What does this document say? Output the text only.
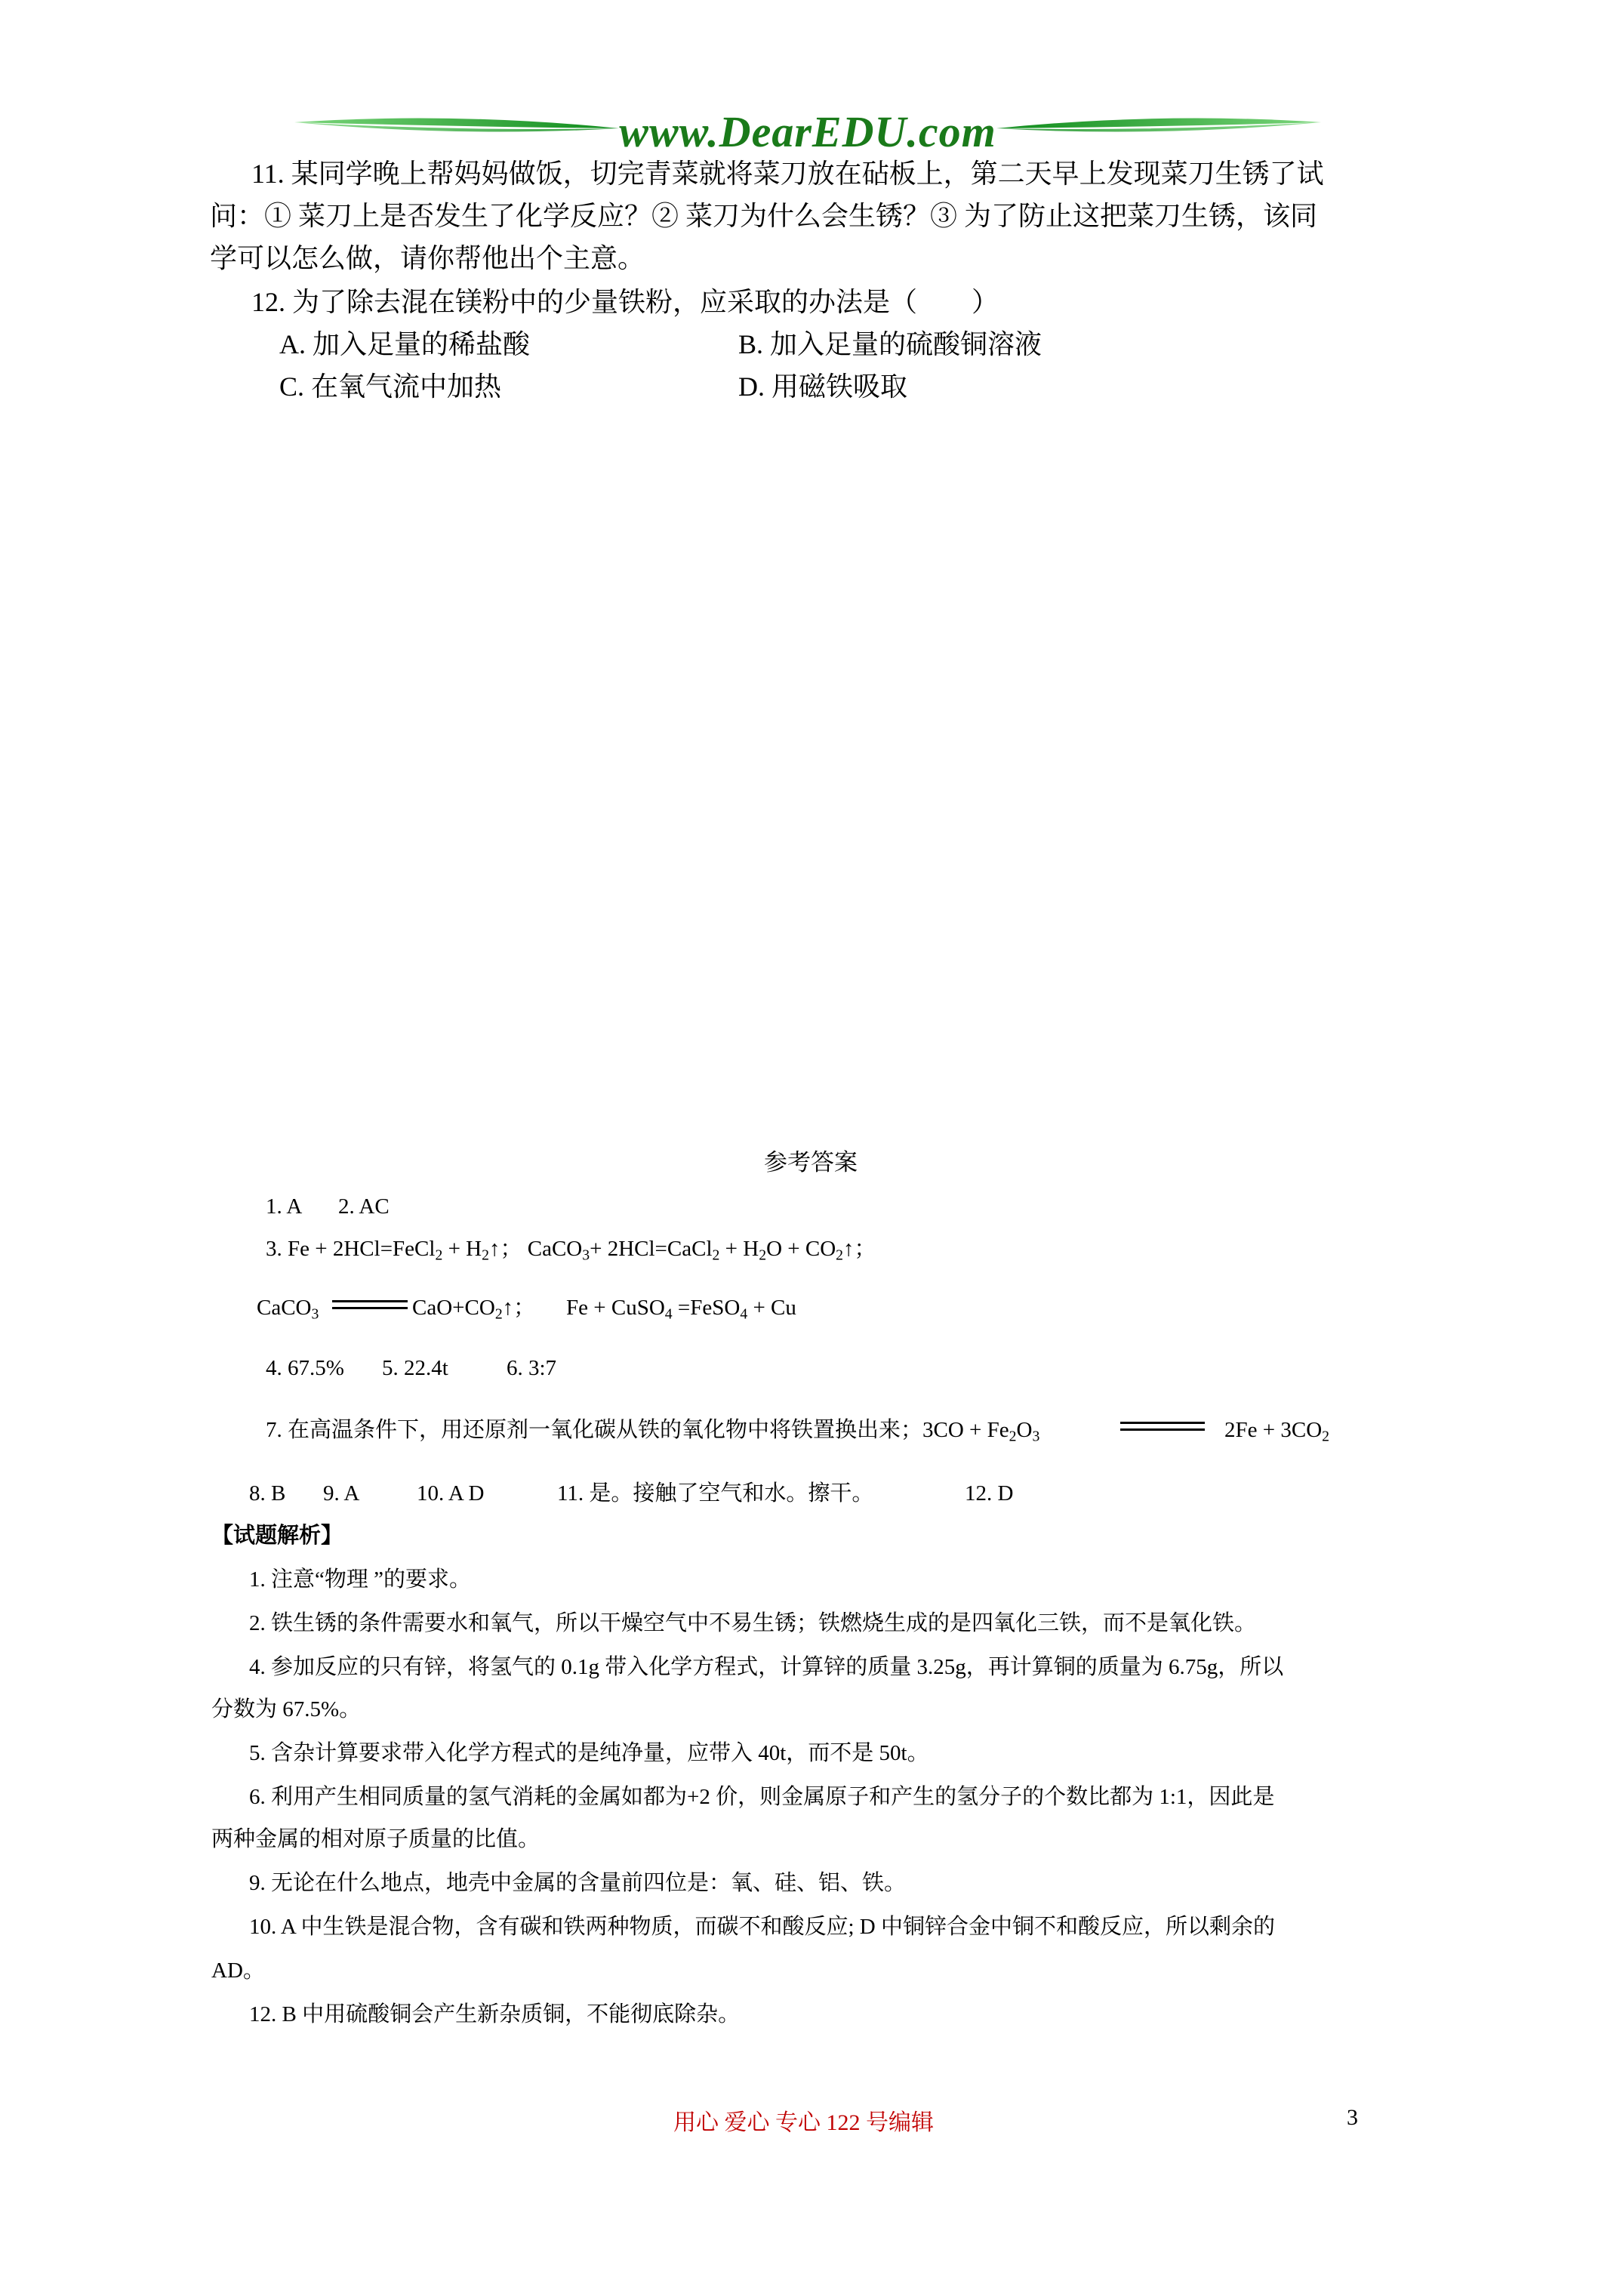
www.DearEDU.com
11. 某同学晚上帮妈妈做饭，切完青菜就将菜刀放在砧板上，第二天早上发现菜刀生锈了试
问：① 菜刀上是否发生了化学反应？② 菜刀为什么会生锈？③ 为了防止这把菜刀生锈，该同
学可以怎么做，请你帮他出个主意。
12. 为了除去混在镁粉中的少量铁粉，应采取的办法是（　　）
A. 加入足量的稀盐酸	B. 加入足量的硫酸铜溶液
C. 在氧气流中加热	D. 用磁铁吸取
参考答案
1. A 2. AC
3. Fe + 2HCl=FeCl$_2$ + $H_2↑$； CaCO$_3$+ 2HCl=CaCl$_2$ + $H_2O$ + $CO_2↑$；
CaCO$_3$	$CaO+CO_2↑$； Fe + CuSO$_4$ =FeSO$_4$ + Cu
4. 67.5% 5. 22.4t	6. 3:7
7. 在高温条件下，用还原剂一氧化碳从铁的氧化物中将铁置换出来；$3CO + Fe_2O_3$	$2Fe + 3CO_2$
8. B 9. A	10. A D	11. 是。接触了空气和水。擦干。	12. D
【试题解析】
1. 注意“物理 ”的要求。
2. 铁生锈的条件需要水和氧气，所以干燥空气中不易生锈；铁燃烧生成的是四氧化三铁，而不是氧化铁。
4. 参加反应的只有锌，将氢气的 0.1g 带入化学方程式，计算锌的质量 3.25g，再计算铜的质量为 6.75g，所以
分数为 67.5%。
5. 含杂计算要求带入化学方程式的是纯净量，应带入 40t，而不是 50t。
6. 利用产生相同质量的氢气消耗的金属如都为+2 价，则金属原子和产生的氢分子的个数比都为 1:1，因此是
两种金属的相对原子质量的比值。
9. 无论在什么地点，地壳中金属的含量前四位是：氧、硅、铝、铁。
10. A 中生铁是混合物，含有碳和铁两种物质，而碳不和酸反应; D 中铜锌合金中铜不和酸反应，所以剩余的
AD。
12. B 中用硫酸铜会产生新杂质铜，不能彻底除杂。
用心 爱心 专心 122 号编辑	3
